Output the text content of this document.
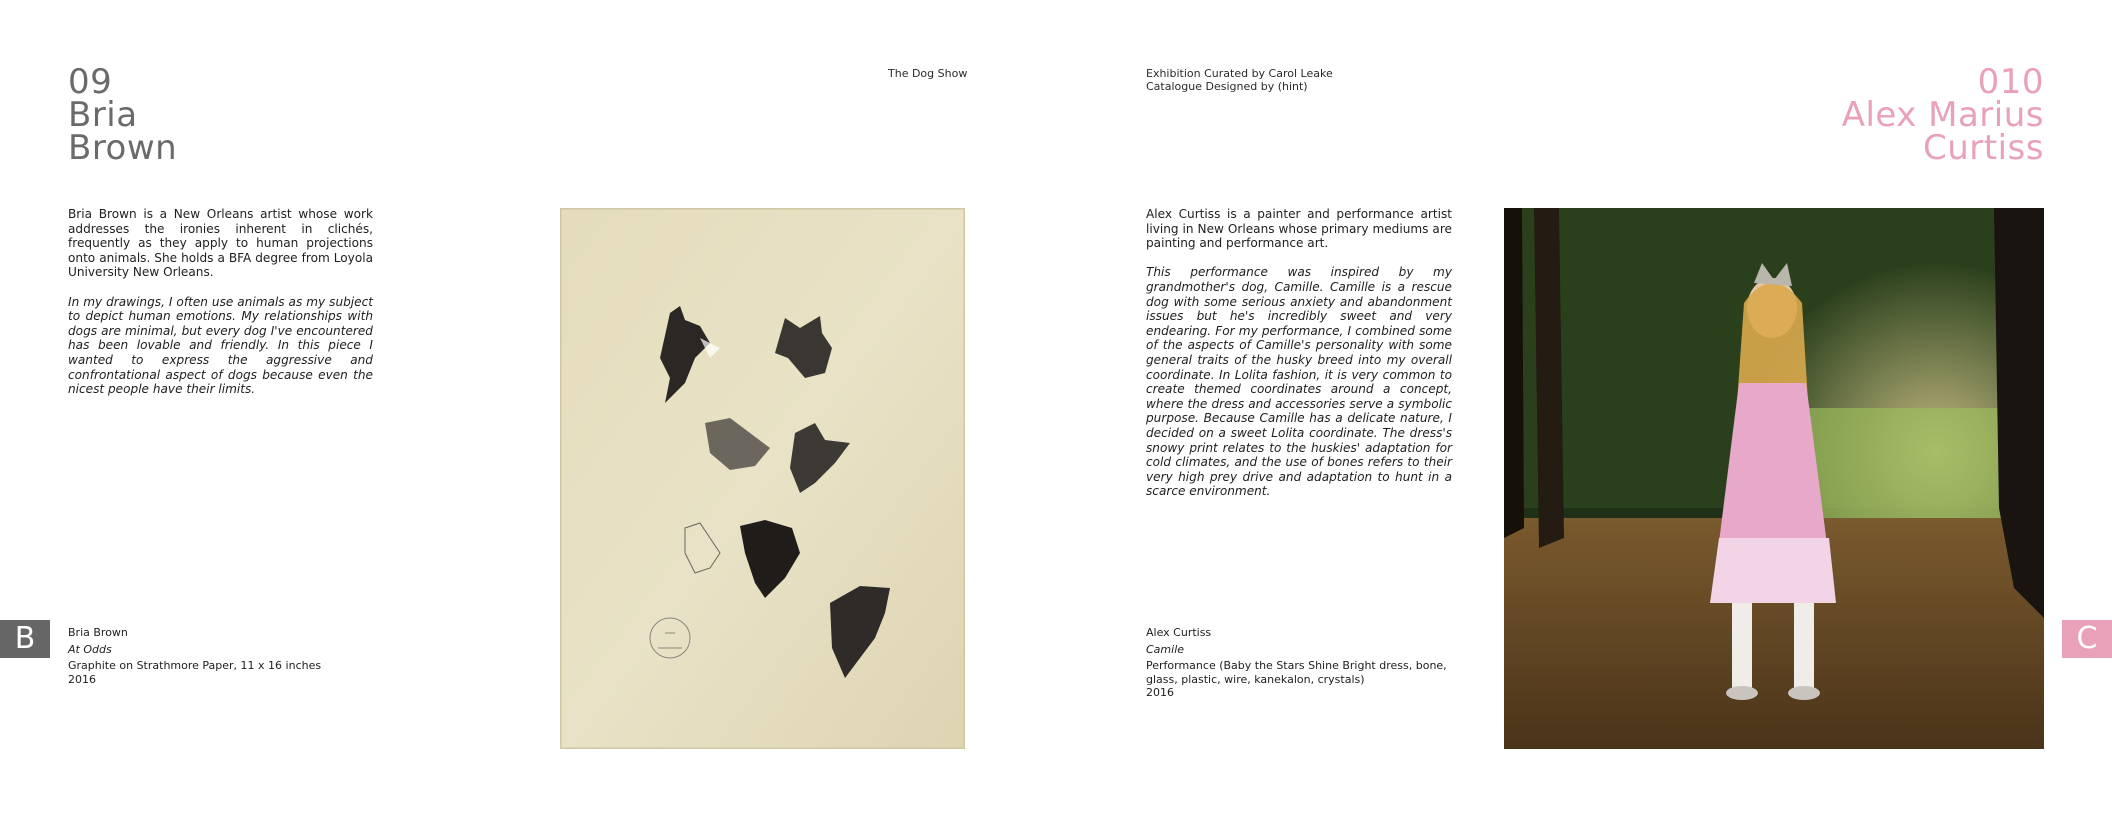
09
Bria
Brown
The Dog Show

Bria Brown is a New Orleans artist whose work addresses the ironies inherent in clichés, frequently as they apply to human projections onto animals. She holds a BFA degree from Loyola University New Orleans.

In my drawings, I often use animals as my subject to depict human emotions. My relationships with dogs are minimal, but every dog I've encountered has been lovable and friendly. In this piece I wanted to express the aggressive and confrontational aspect of dogs because even the nicest people have their limits.

Bria Brown
At Odds
Graphite on Strathmore Paper, 11 x 16 inches
2016
B
Exhibition Curated by Carol Leake
Catalogue Designed by (hint)	010
Alex Marius
Curtiss

Alex Curtiss is a painter and performance artist living in New Orleans whose primary mediums are painting and performance art.

This performance was inspired by my grandmother's dog, Camille. Camille is a rescue dog with some serious anxiety and abandonment issues but he's incredibly sweet and very endearing. For my performance, I combined some of the aspects of Camille's personality with some general traits of the husky breed into my overall coordinate. In Lolita fashion, it is very common to create themed coordinates around a concept, where the dress and accessories serve a symbolic purpose. Because Camille has a delicate nature, I decided on a sweet Lolita coordinate. The dress's snowy print relates to the huskies' adaptation for cold climates, and the use of bones refers to their very high prey drive and adaptation to hunt in a scarce environment.

Alex Curtiss
Camile
Performance (Baby the Stars Shine Bright dress, bone, glass, plastic, wire, kanekalon, crystals)
2016
C
